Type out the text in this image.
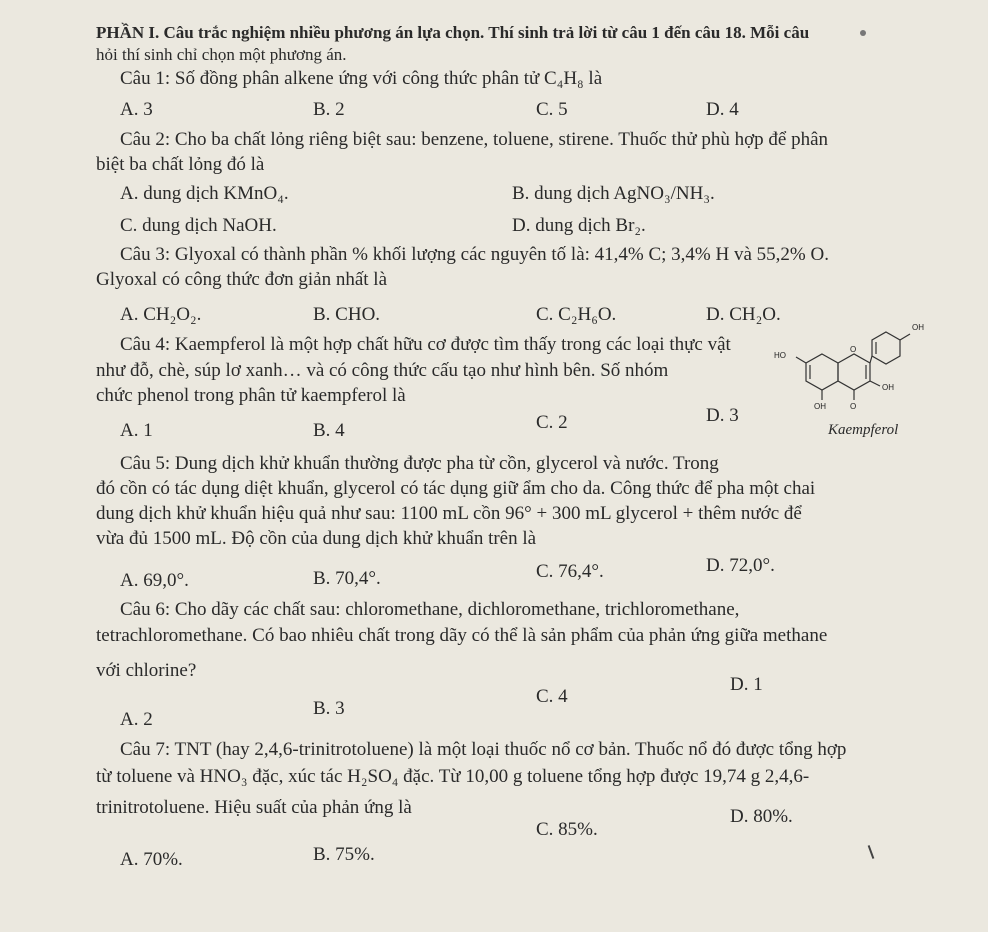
PHẦN I. Câu trắc nghiệm nhiều phương án lựa chọn. Thí sinh trả lời từ câu 1 đến câu 18. Mỗi câu
hỏi thí sinh chỉ chọn một phương án.
Câu 1: Số đồng phân alkene ứng với công thức phân tử C₄H₈ là
A. 3	B. 2	C. 5	D. 4
Câu 2: Cho ba chất lỏng riêng biệt sau: benzene, toluene, stirene. Thuốc thử phù hợp để phân
biệt ba chất lỏng đó là
A. dung dịch KMnO₄.	B. dung dịch AgNO₃/NH₃.
C. dung dịch NaOH.	D. dung dịch Br₂.
Câu 3: Glyoxal có thành phần % khối lượng các nguyên tố là: 41,4% C; 3,4% H và 55,2% O.
Glyoxal có công thức đơn giản nhất là
A. CH₂O₂.	B. CHO.	C. C₂H₆O.	D. CH₂O.
Câu 4: Kaempferol là một hợp chất hữu cơ được tìm thấy trong các loại thực vật
như đỗ, chè, súp lơ xanh… và có công thức cấu tạo như hình bên. Số nhóm
chức phenol trong phân tử kaempferol là
A. 1	B. 4	C. 2	D. 3
OH
HO
O
OH
OH	O
Kaempferol
Câu 5: Dung dịch khử khuẩn thường được pha từ cồn, glycerol và nước. Trong
đó cồn có tác dụng diệt khuẩn, glycerol có tác dụng giữ ẩm cho da. Công thức để pha một chai
dung dịch khử khuẩn hiệu quả như sau: 1100 mL cồn 96° + 300 mL glycerol + thêm nước để
vừa đủ 1500 mL. Độ cồn của dung dịch khử khuẩn trên là
A. 69,0°.	B. 70,4°.	C. 76,4°.	D. 72,0°.
Câu 6: Cho dãy các chất sau: chloromethane, dichloromethane, trichloromethane,
tetrachloromethane. Có bao nhiêu chất trong dãy có thể là sản phẩm của phản ứng giữa methane
với chlorine?
A. 2
B. 3
C. 4
D. 1
Câu 7: TNT (hay 2,4,6-trinitrotoluene) là một loại thuốc nổ cơ bản. Thuốc nổ đó được tổng hợp
từ toluene và HNO₃ đặc, xúc tác H₂SO₄ đặc. Từ 10,00 g toluene tổng hợp được 19,74 g 2,4,6-
trinitrotoluene. Hiệu suất của phản ứng là
A. 70%.	B. 75%.
C. 85%.
D. 80%.
